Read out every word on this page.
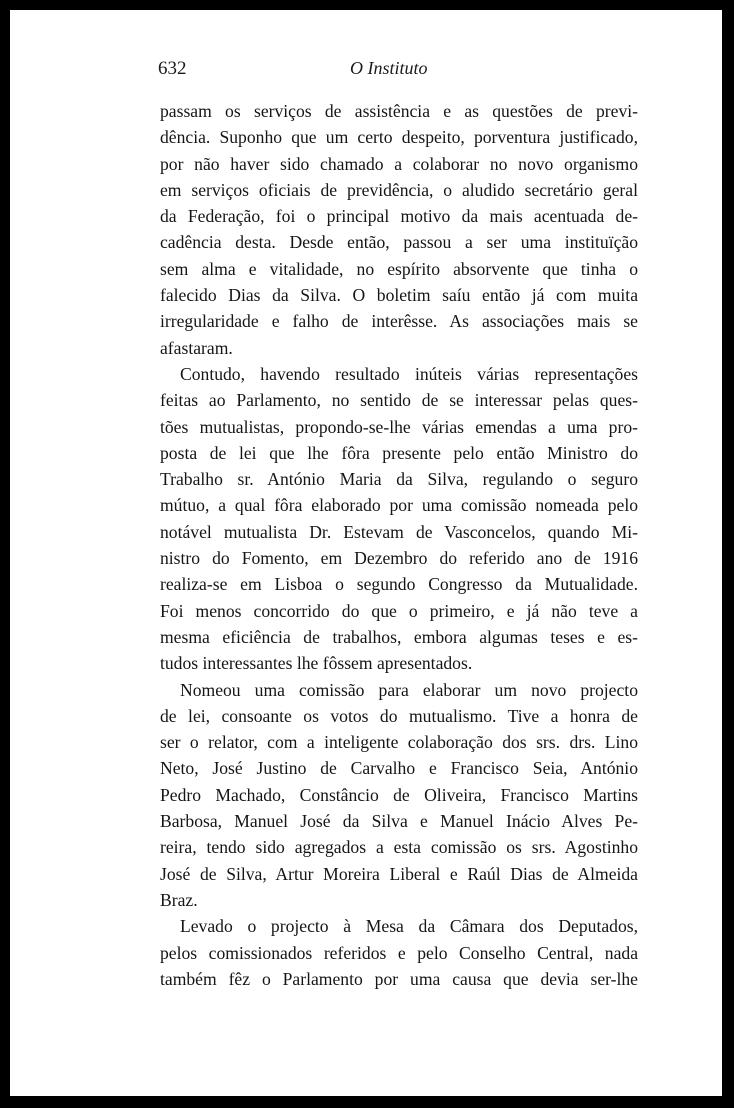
632	O Instituto
passam os serviços de assistência e as questões de previ-
dência. Suponho que um certo despeito, porventura justificado,
por não haver sido chamado a colaborar no novo organismo
em serviços oficiais de previdência, o aludido secretário geral
da Federação, foi o principal motivo da mais acentuada de-
cadência desta. Desde então, passou a ser uma instituïção
sem alma e vitalidade, no espírito absorvente que tinha o
falecido Dias da Silva. O boletim saíu então já com muita
irregularidade e falho de interêsse. As associações mais se
afastaram.
Contudo, havendo resultado inúteis várias representações
feitas ao Parlamento, no sentido de se interessar pelas ques-
tões mutualistas, propondo-se-lhe várias emendas a uma pro-
posta de lei que lhe fôra presente pelo então Ministro do
Trabalho sr. António Maria da Silva, regulando o seguro
mútuo, a qual fôra elaborado por uma comissão nomeada pelo
notável mutualista Dr. Estevam de Vasconcelos, quando Mi-
nistro do Fomento, em Dezembro do referido ano de 1916
realiza-se em Lisboa o segundo Congresso da Mutualidade.
Foi menos concorrido do que o primeiro, e já não teve a
mesma eficiência de trabalhos, embora algumas teses e es-
tudos interessantes lhe fôssem apresentados.
Nomeou uma comissão para elaborar um novo projecto
de lei, consoante os votos do mutualismo. Tive a honra de
ser o relator, com a inteligente colaboração dos srs. drs. Lino
Neto, José Justino de Carvalho e Francisco Seia, António
Pedro Machado, Constâncio de Oliveira, Francisco Martins
Barbosa, Manuel José da Silva e Manuel Inácio Alves Pe-
reira, tendo sido agregados a esta comissão os srs. Agostinho
José de Silva, Artur Moreira Liberal e Raúl Dias de Almeida
Braz.
Levado o projecto à Mesa da Câmara dos Deputados,
pelos comissionados referidos e pelo Conselho Central, nada
também fêz o Parlamento por uma causa que devia ser-lhe
